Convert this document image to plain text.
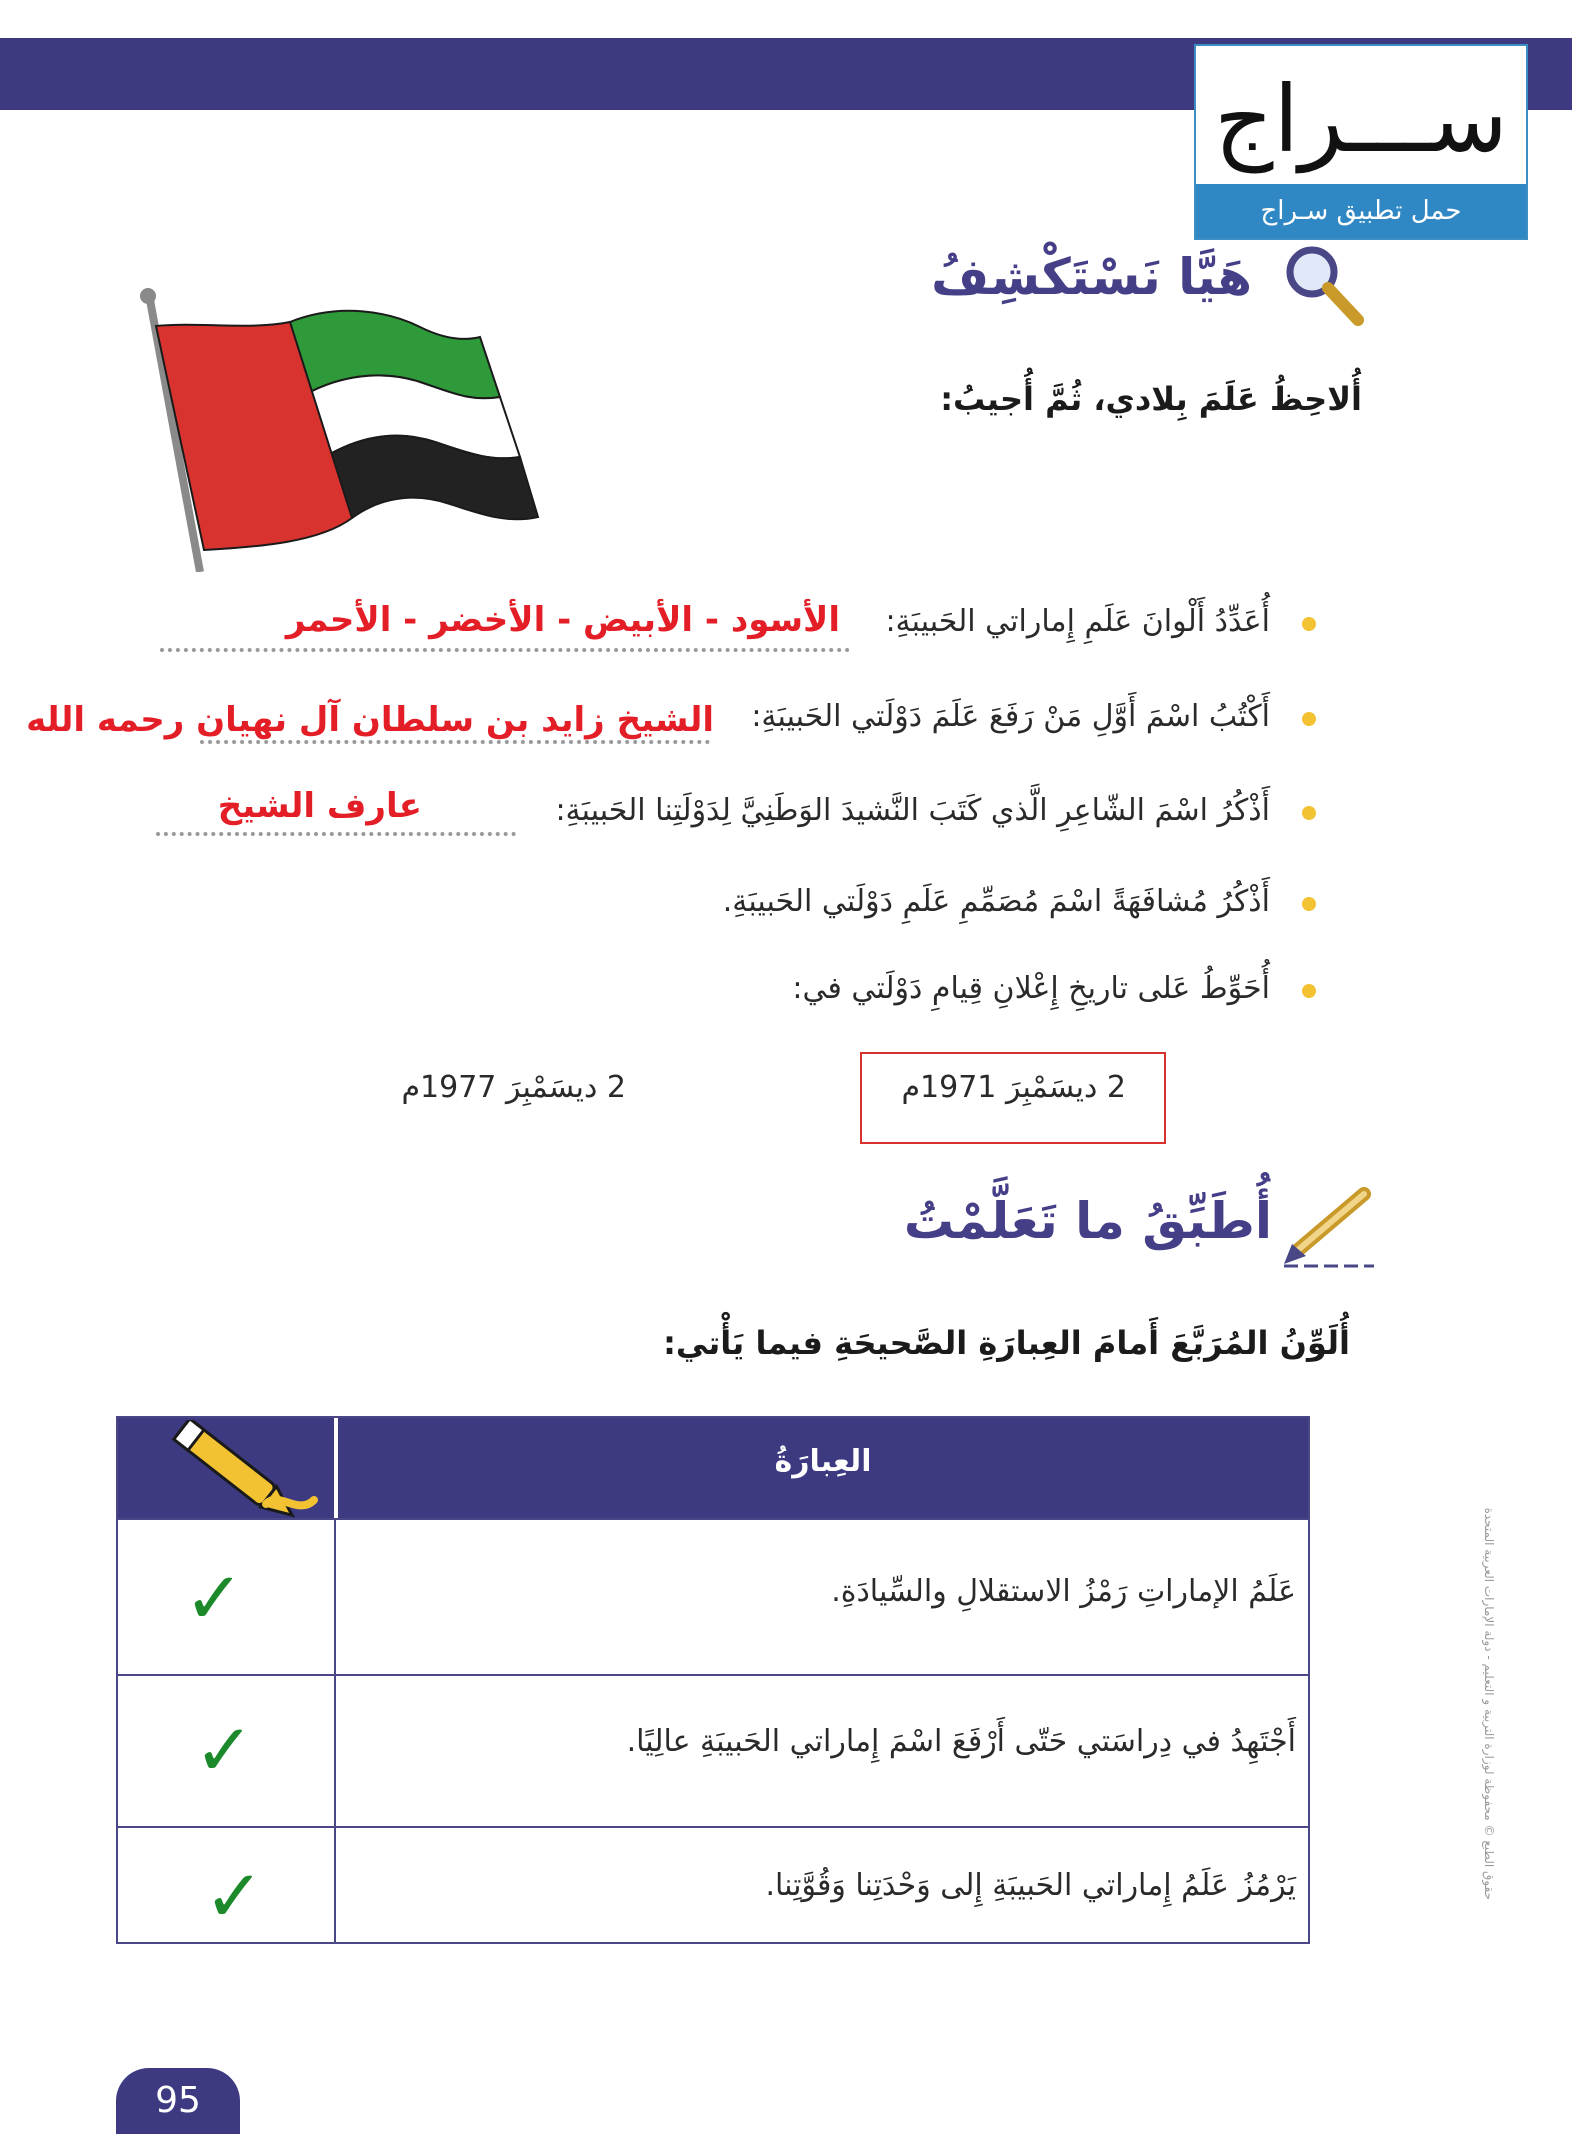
ســـراج
حمل تطبيق سـراج
هَيَّا نَسْتَكْشِفُ
أُلاحِظُ عَلَمَ بِلادي، ثُمَّ أُجيبُ:
أُعَدِّدُ أَلْوانَ عَلَمِ إِماراتي الحَبيبَةِ:
الأسود - الأبيض - الأخضر - الأحمر
أَكْتُبُ اسْمَ أَوَّلِ مَنْ رَفَعَ عَلَمَ دَوْلَتي الحَبيبَةِ:
الشيخ زايد بن سلطان آل نهيان رحمه الله
أَذْكُرُ اسْمَ الشّاعِرِ الَّذي كَتَبَ النَّشيدَ الوَطَنِيَّ لِدَوْلَتِنا الحَبيبَةِ:
عارف الشيخ
أَذْكُرُ مُشافَهَةً اسْمَ مُصَمِّمِ عَلَمِ دَوْلَتي الحَبيبَةِ.
أُحَوِّطُ عَلى تاريخِ إِعْلانِ قِيامِ دَوْلَتي في:
2 ديسَمْبِرَ 1971م
2 ديسَمْبِرَ 1977م
أُطَبِّقُ ما تَعَلَّمْتُ
أُلَوِّنُ المُرَبَّعَ أَمامَ العِبارَةِ الصَّحيحَةِ فيما يَأْتي:
العِبارَةُ
عَلَمُ الإماراتِ رَمْزُ الاستقلالِ والسِّيادَةِ.
✓
أَجْتَهِدُ في دِراسَتي حَتّى أَرْفَعَ اسْمَ إِماراتي الحَبيبَةِ عالِيًا.
✓
يَرْمُزُ عَلَمُ إِماراتي الحَبيبَةِ إِلى وَحْدَتِنا وَقُوَّتِنا.
✓	حقوق الطبع © محفوظة لوزارة التربية و التعليم - دولة الإمارات العربية المتحدة
95
